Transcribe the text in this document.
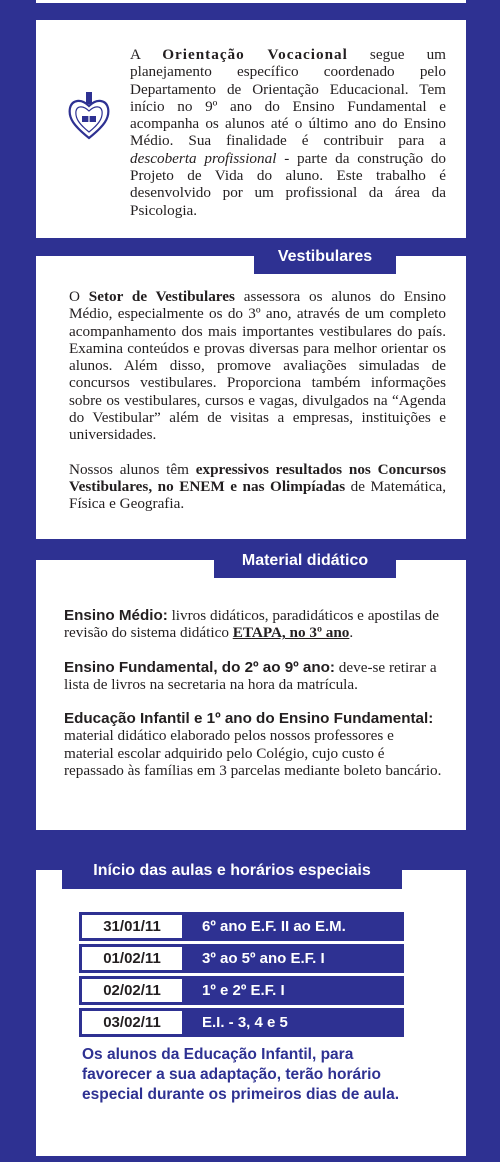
A Orientação Vocacional segue um planejamento específico coordenado pelo Departamento de Orientação Educacional. Tem início no 9º ano do Ensino Fundamental e acompanha os alunos até o último ano do Ensino Médio. Sua finalidade é contribuir para a descoberta profissional - parte da construção do Projeto de Vida do aluno. Este trabalho é desenvolvido por um profissional da área da Psicologia.

Vestibulares

O Setor de Vestibulares assessora os alunos do Ensino Médio, especialmente os do 3º ano, através de um completo acompanhamento dos mais importantes vestibulares do país. Examina conteúdos e provas diversas para melhor orientar os alunos. Além disso, promove avaliações simuladas de concursos vestibulares. Proporciona também informações sobre os vestibulares, cursos e vagas, divulgados na “Agenda do Vestibular” além de visitas a empresas, instituições e universidades.

Nossos alunos têm expressivos resultados nos Concursos Vestibulares, no ENEM e nas Olimpíadas de Matemática, Física e Geografia.

Material didático

Ensino Médio: livros didáticos, paradidáticos e apostilas de revisão do sistema didático ETAPA, no 3º ano.

Ensino Fundamental, do 2º ao 9º ano: deve-se retirar a lista de livros na secretaria na hora da matrícula.

Educação Infantil e 1º ano do Ensino Fundamental: material didático elaborado pelos nossos professores e material escolar adquirido pelo Colégio, cujo custo é repassado às famílias em 3 parcelas mediante boleto bancário.

Início das aulas e horários especiais
31/01/11	6º ano E.F. II ao E.M.
01/02/11	3º ao 5º ano E.F. I
02/02/11	1º e 2º E.F. I
03/02/11	E.I. - 3, 4 e 5

Os alunos da Educação Infantil, para favorecer a sua adaptação, terão horário especial durante os primeiros dias de aula.
